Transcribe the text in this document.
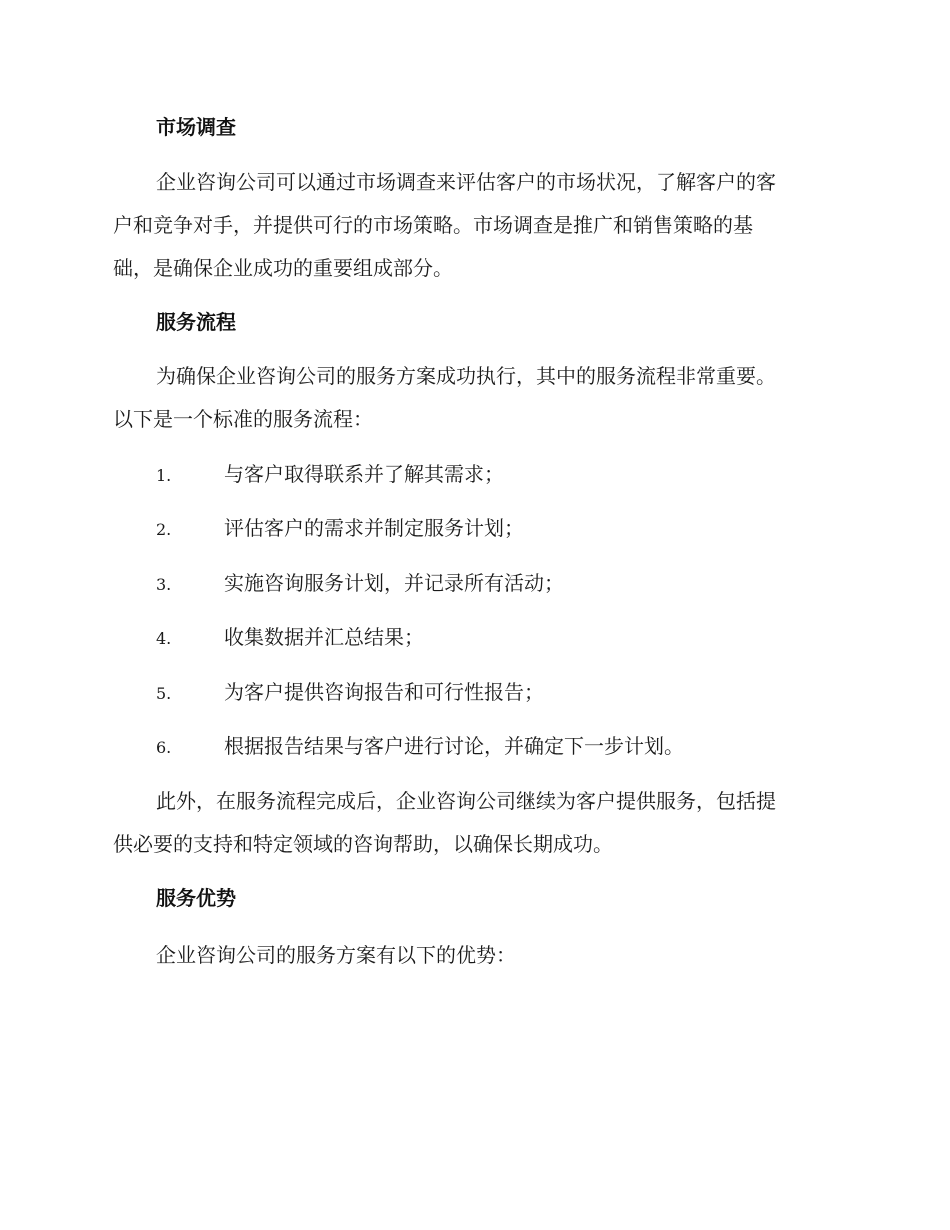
市场调查
企业咨询公司可以通过市场调查来评估客户的市场状况，了解客户的客
户和竞争对手，并提供可行的市场策略。市场调查是推广和销售策略的基
础，是确保企业成功的重要组成部分。
服务流程
为确保企业咨询公司的服务方案成功执行，其中的服务流程非常重要。
以下是一个标准的服务流程：
1.	与客户取得联系并了解其需求；
2.	评估客户的需求并制定服务计划；
3.	实施咨询服务计划，并记录所有活动；
4.	收集数据并汇总结果；
5.	为客户提供咨询报告和可行性报告；
6.	根据报告结果与客户进行讨论，并确定下一步计划。
此外，在服务流程完成后，企业咨询公司继续为客户提供服务，包括提
供必要的支持和特定领域的咨询帮助，以确保长期成功。
服务优势
企业咨询公司的服务方案有以下的优势：
